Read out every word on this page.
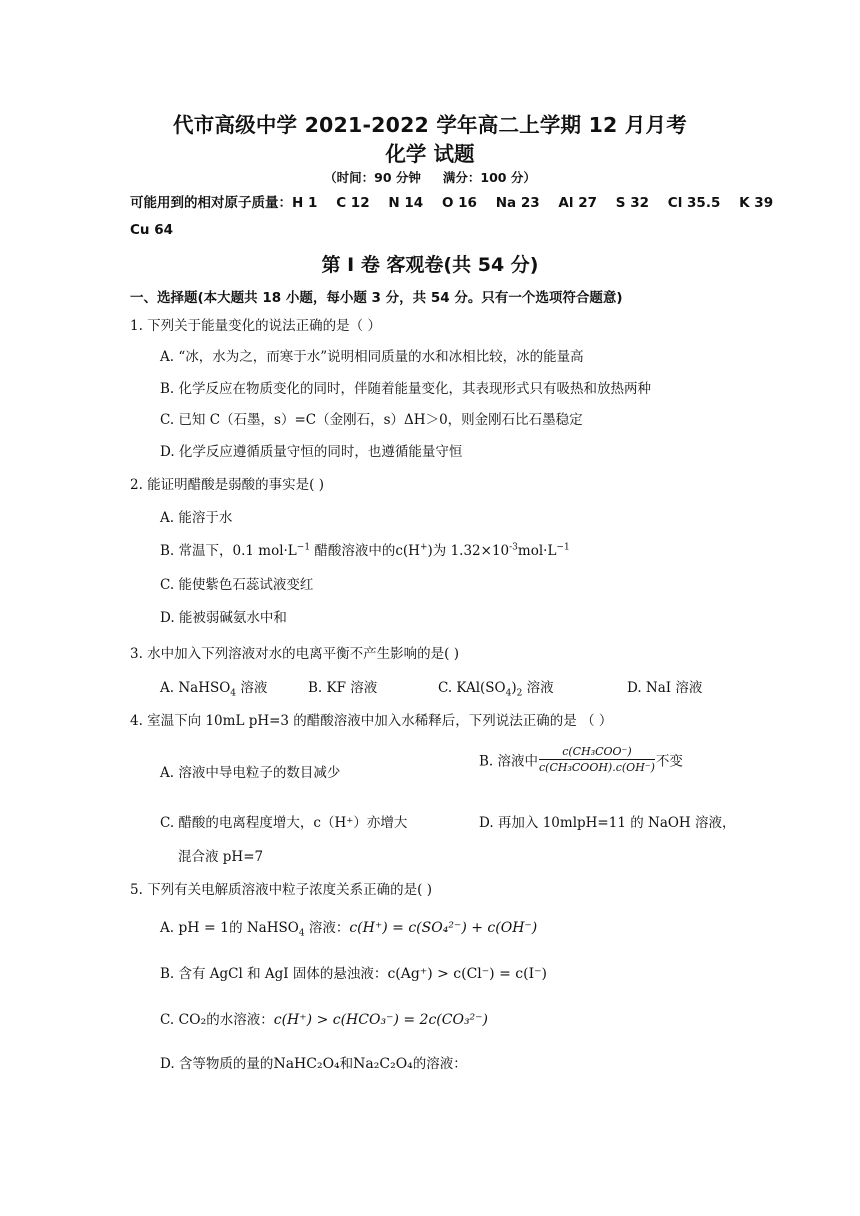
代市高级中学 2021-2022 学年高二上学期 12 月月考
化学 试题
（时间：90 分钟 满分：100 分）
可能用到的相对原子质量：H 1    C 12    N 14    O 16    Na 23    Al 27    S 32    Cl 35.5    K 39
Cu 64
第 I 卷 客观卷(共 54 分)
一、选择题(本大题共 18 小题，每小题 3 分，共 54 分。只有一个选项符合题意)
1. 下列关于能量变化的说法正确的是（ ）
A. “冰，水为之，而寒于水”说明相同质量的水和冰相比较，冰的能量高
B. 化学反应在物质变化的同时，伴随着能量变化，其表现形式只有吸热和放热两种
C. 已知 C（石墨，s）=C（金刚石，s）ΔH＞0，则金刚石比石墨稳定
D. 化学反应遵循质量守恒的同时，也遵循能量守恒
2. 能证明醋酸是弱酸的事实是( )
A. 能溶于水
B. 常温下，0.1 $mol\cdot L^{-1}$ 醋酸溶液中的c(H+)为 $1.32\times 10^{-3}mol\cdot L^{-1}$
C. 能使紫色石蕊试液变红
D. 能被弱碱氨水中和
3. 水中加入下列溶液对水的电离平衡不产生影响的是( )
A. NaHSO$_4$ 溶液	B. KF 溶液	C. $KAl(SO_4)_2$ 溶液	D. NaI 溶液
4. 室温下向 10mL pH=3 的醋酸溶液中加入水稀释后，下列说法正确的是 （ ）
A. 溶液中导电粒子的数目减少
B. 溶液中 $\frac{\text{c(CH₃COO⁻)}}{\text{c(CH₃COOH).c(OH⁻)}}$ 不变
C. 醋酸的电离程度增大，c（H⁺）亦增大	D. 再加入 10mlpH=11 的 NaOH 溶液，
混合液 pH=7
5. 下列有关电解质溶液中粒子浓度关系正确的是( )
A. pH = 1的 NaHSO$_4$ 溶液：c(H⁺) = c(SO₄²⁻) + c(OH⁻)
B. 含有 AgCl 和 AgI 固体的悬浊液：c(Ag⁺) > c(Cl⁻) = c(I⁻)
C. CO₂的水溶液：c(H⁺) > c(HCO₃⁻) = 2c(CO₃²⁻)
D. 含等物质的量的NaHC₂O₄和Na₂C₂O₄的溶液：
